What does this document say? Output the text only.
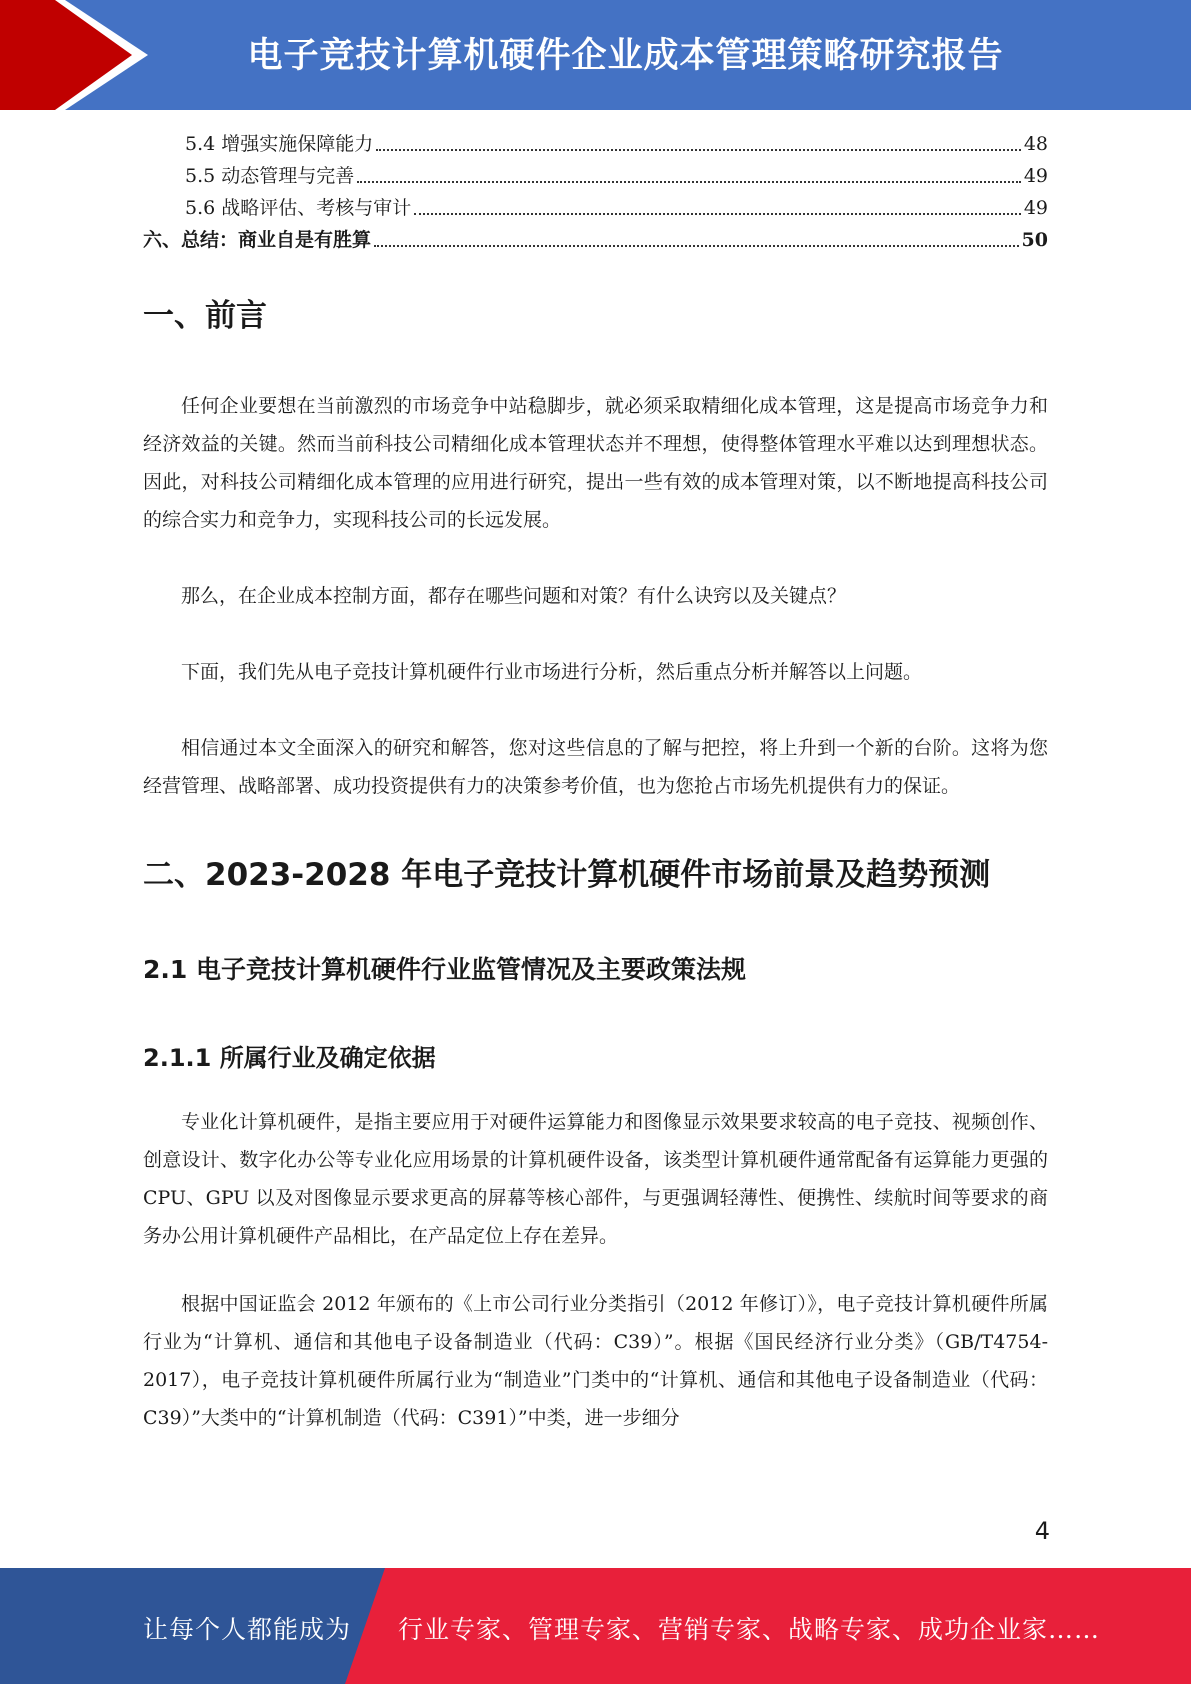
电子竞技计算机硬件企业成本管理策略研究报告
5.4 增强实施保障能力	48
5.5 动态管理与完善	49
5.6 战略评估、考核与审计	49
六、总结：商业自是有胜算	50
一、前言

任何企业要想在当前激烈的市场竞争中站稳脚步，就必须采取精细化成本管理，这是提高市场竞争力和经济效益的关键。然而当前科技公司精细化成本管理状态并不理想，使得整体管理水平难以达到理想状态。因此，对科技公司精细化成本管理的应用进行研究，提出一些有效的成本管理对策，以不断地提高科技公司的综合实力和竞争力，实现科技公司的长远发展。

那么，在企业成本控制方面，都存在哪些问题和对策？有什么诀窍以及关键点？

下面，我们先从电子竞技计算机硬件行业市场进行分析，然后重点分析并解答以上问题。

相信通过本文全面深入的研究和解答，您对这些信息的了解与把控，将上升到一个新的台阶。这将为您经营管理、战略部署、成功投资提供有力的决策参考价值，也为您抢占市场先机提供有力的保证。

二、2023-2028 年电子竞技计算机硬件市场前景及趋势预测
2.1 电子竞技计算机硬件行业监管情况及主要政策法规
2.1.1 所属行业及确定依据

专业化计算机硬件，是指主要应用于对硬件运算能力和图像显示效果要求较高的电子竞技、视频创作、创意设计、数字化办公等专业化应用场景的计算机硬件设备，该类型计算机硬件通常配备有运算能力更强的 CPU、GPU 以及对图像显示要求更高的屏幕等核心部件，与更强调轻薄性、便携性、续航时间等要求的商务办公用计算机硬件产品相比，在产品定位上存在差异。

根据中国证监会 2012 年颁布的《上市公司行业分类指引（2012 年修订）》，电子竞技计算机硬件所属行业为“计算机、通信和其他电子设备制造业（代码：C39）”。根据《国民经济行业分类》（GB/T4754-2017），电子竞技计算机硬件所属行业为“制造业”门类中的“计算机、通信和其他电子设备制造业（代码：C39）”大类中的“计算机制造（代码：C391）”中类，进一步细分

4
让每个人都能成为 行业专家、管理专家、营销专家、战略专家、成功企业家……
